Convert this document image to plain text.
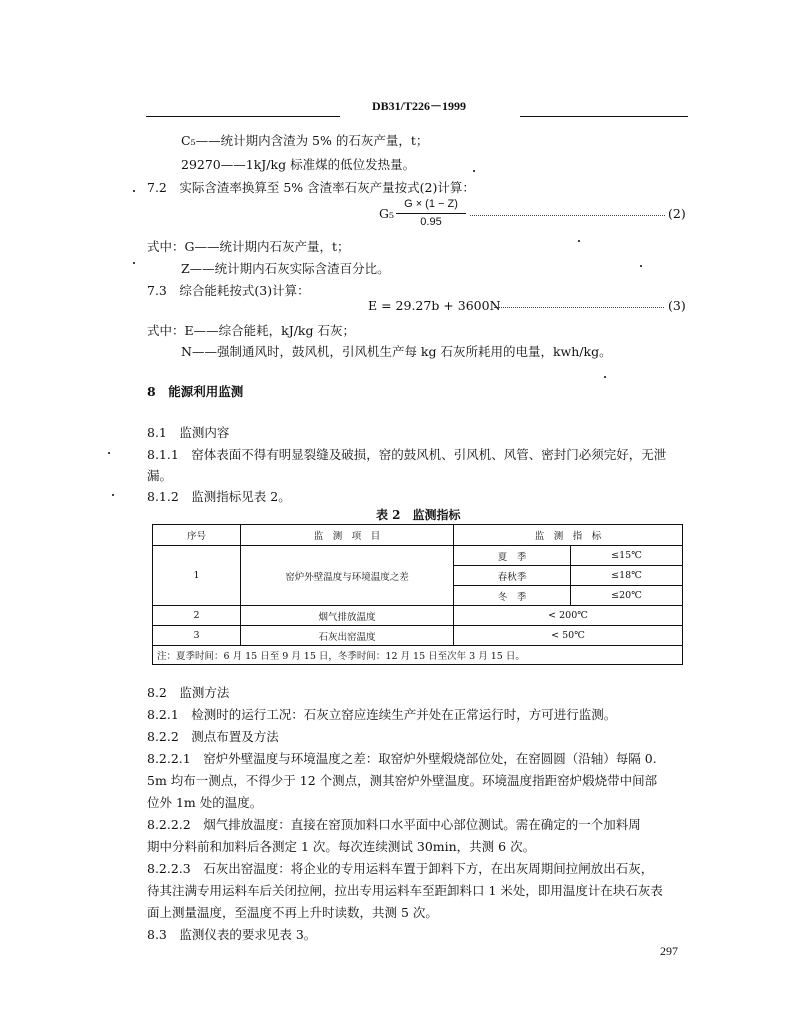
DB31/T226－1999
C₅——统计期内含渣为 5% 的石灰产量，t；
29270——1kJ/kg 标准煤的低位发热量。
7.2　实际含渣率换算至 5% 含渣率石灰产量按式(2)计算：
G₅
G × (1 − Z)
0.95
(2)
式中：G——统计期内石灰产量，t；
Z——统计期内石灰实际含渣百分比。
7.3　综合能耗按式(3)计算：
E = 29.27b + 3600N	(3)
式中：E——综合能耗，kJ/kg 石灰；
N——强制通风时，鼓风机，引风机生产每 kg 石灰所耗用的电量，kwh/kg。
8　能源利用监测
8.1　监测内容
8.1.1　窑体表面不得有明显裂缝及破损，窑的鼓风机、引风机、风管、密封门必须完好，无泄
漏。
8.1.2　监测指标见表 2。
表 2　监测指标
序号	监　测　项　目	监　测　指　标	
1	窑炉外壁温度与环境温度之差	夏　季	≤15℃
		春秋季	≤18℃
		冬　季	≤20℃
2	烟气排放温度	< 200℃	
3	石灰出窑温度	< 50℃	
注：夏季时间：6 月 15 日至 9 月 15 日，冬季时间：12 月 15 日至次年 3 月 15 日。			
8.2　监测方法
8.2.1　检测时的运行工况：石灰立窑应连续生产并处在正常运行时，方可进行监测。
8.2.2　测点布置及方法
8.2.2.1　窑炉外壁温度与环境温度之差：取窑炉外壁煅烧部位处，在窑圆圆（沿轴）每隔 0.
5m 均布一测点，不得少于 12 个测点，测其窑炉外壁温度。环境温度指距窑炉煅烧带中间部
位外 1m 处的温度。
8.2.2.2　烟气排放温度：直接在窑顶加料口水平面中心部位测试。需在确定的一个加料周
期中分料前和加料后各测定 1 次。每次连续测试 30min，共测 6 次。
8.2.2.3　石灰出窑温度：将企业的专用运料车置于卸料下方，在出灰周期间拉闸放出石灰，
待其注满专用运料车后关闭拉闸，拉出专用运料车至距卸料口 1 米处，即用温度计在块石灰表
面上测量温度，至温度不再上升时读数，共测 5 次。
8.3　监测仪表的要求见表 3。
297
